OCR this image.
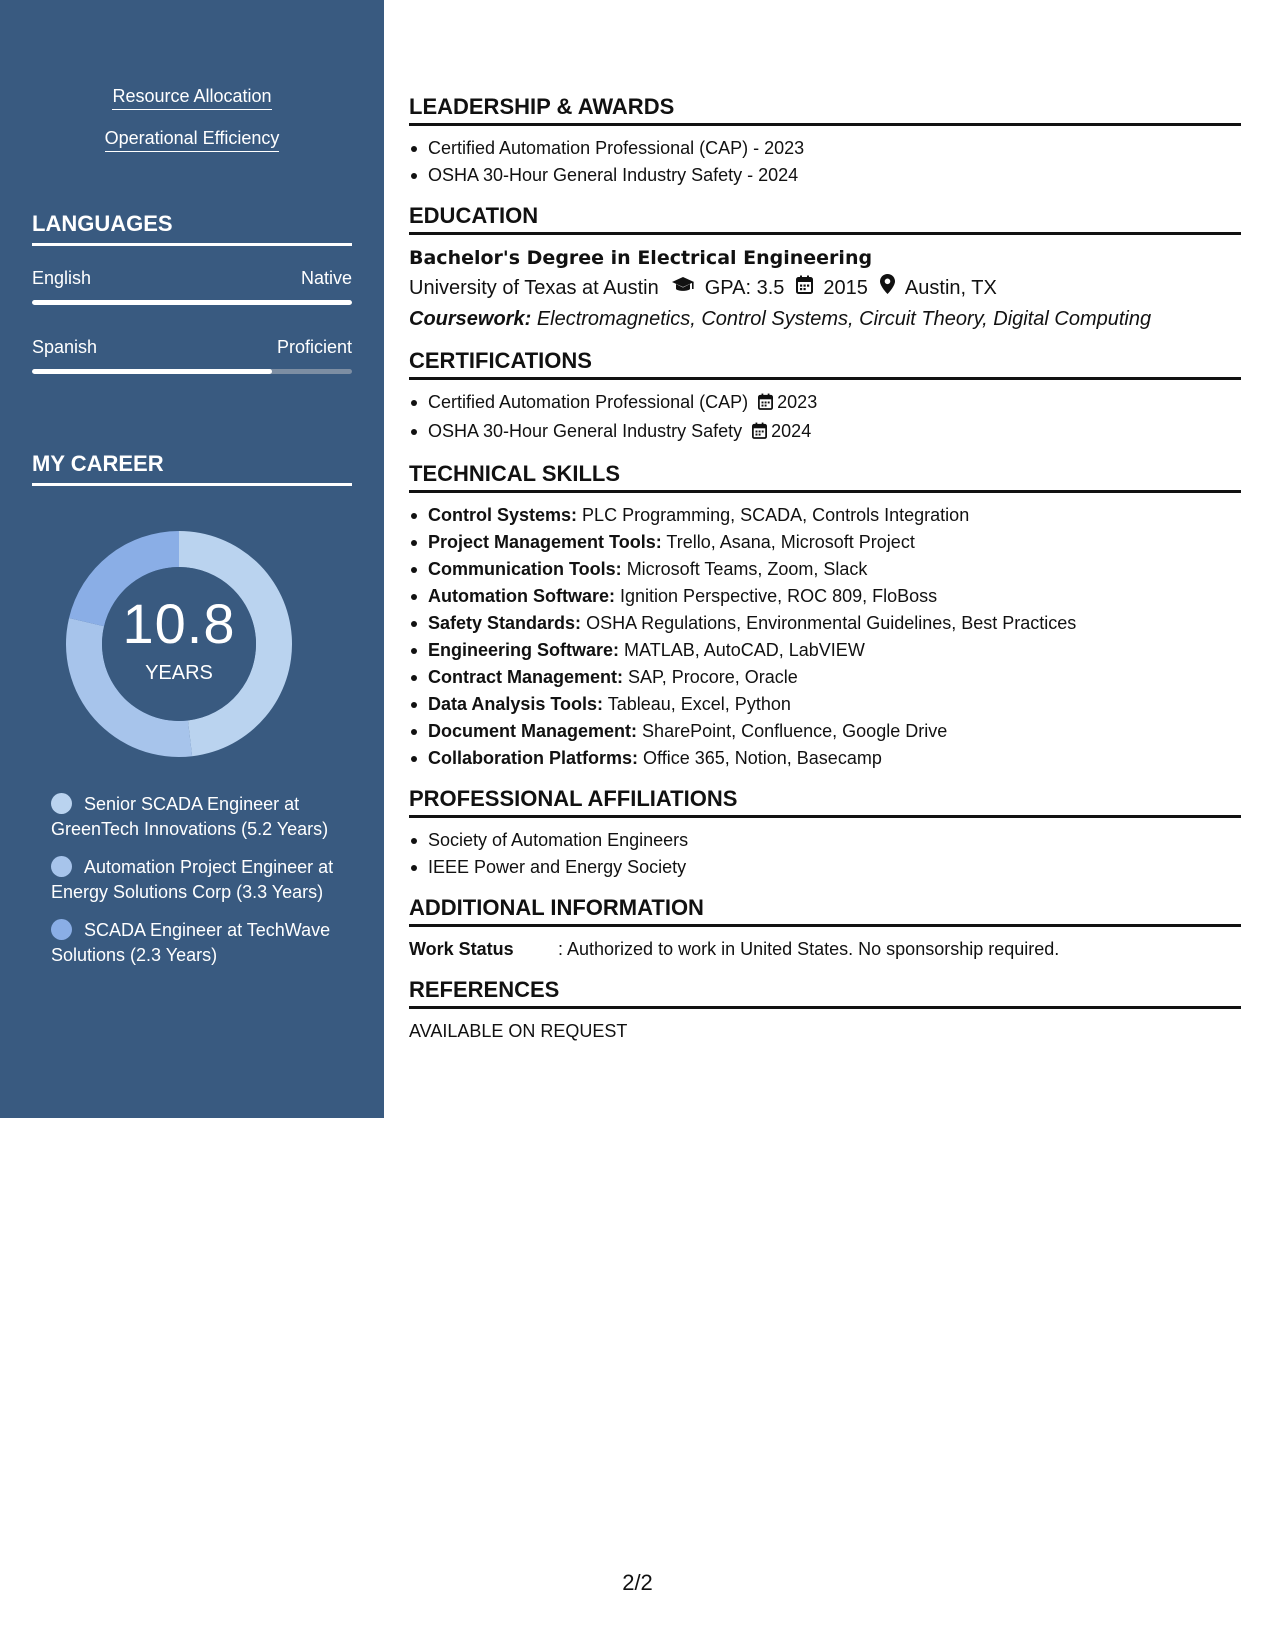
Resource Allocation
Operational Efficiency
LANGUAGES
English	Native
Spanish	Proficient
MY CAREER
10.8
YEARS
Senior SCADA Engineer at GreenTech Innovations (5.2 Years)
Automation Project Engineer at Energy Solutions Corp (3.3 Years)
SCADA Engineer at TechWave Solutions (2.3 Years)
LEADERSHIP & AWARDS
Certified Automation Professional (CAP) - 2023
OSHA 30-Hour General Industry Safety - 2024
EDUCATION
Bachelor's Degree in Electrical Engineering
University of Texas at Austin GPA: 3.5 2015 Austin, TX
Coursework: Electromagnetics, Control Systems, Circuit Theory, Digital Computing
CERTIFICATIONS
Certified Automation Professional (CAP) 2023
OSHA 30-Hour General Industry Safety 2024
TECHNICAL SKILLS
Control Systems: PLC Programming, SCADA, Controls Integration
Project Management Tools: Trello, Asana, Microsoft Project
Communication Tools: Microsoft Teams, Zoom, Slack
Automation Software: Ignition Perspective, ROC 809, FloBoss
Safety Standards: OSHA Regulations, Environmental Guidelines, Best Practices
Engineering Software: MATLAB, AutoCAD, LabVIEW
Contract Management: SAP, Procore, Oracle
Data Analysis Tools: Tableau, Excel, Python
Document Management: SharePoint, Confluence, Google Drive
Collaboration Platforms: Office 365, Notion, Basecamp
PROFESSIONAL AFFILIATIONS
Society of Automation Engineers
IEEE Power and Energy Society
ADDITIONAL INFORMATION
Work Status	: Authorized to work in United States. No sponsorship required.
REFERENCES
AVAILABLE ON REQUEST
2/2
